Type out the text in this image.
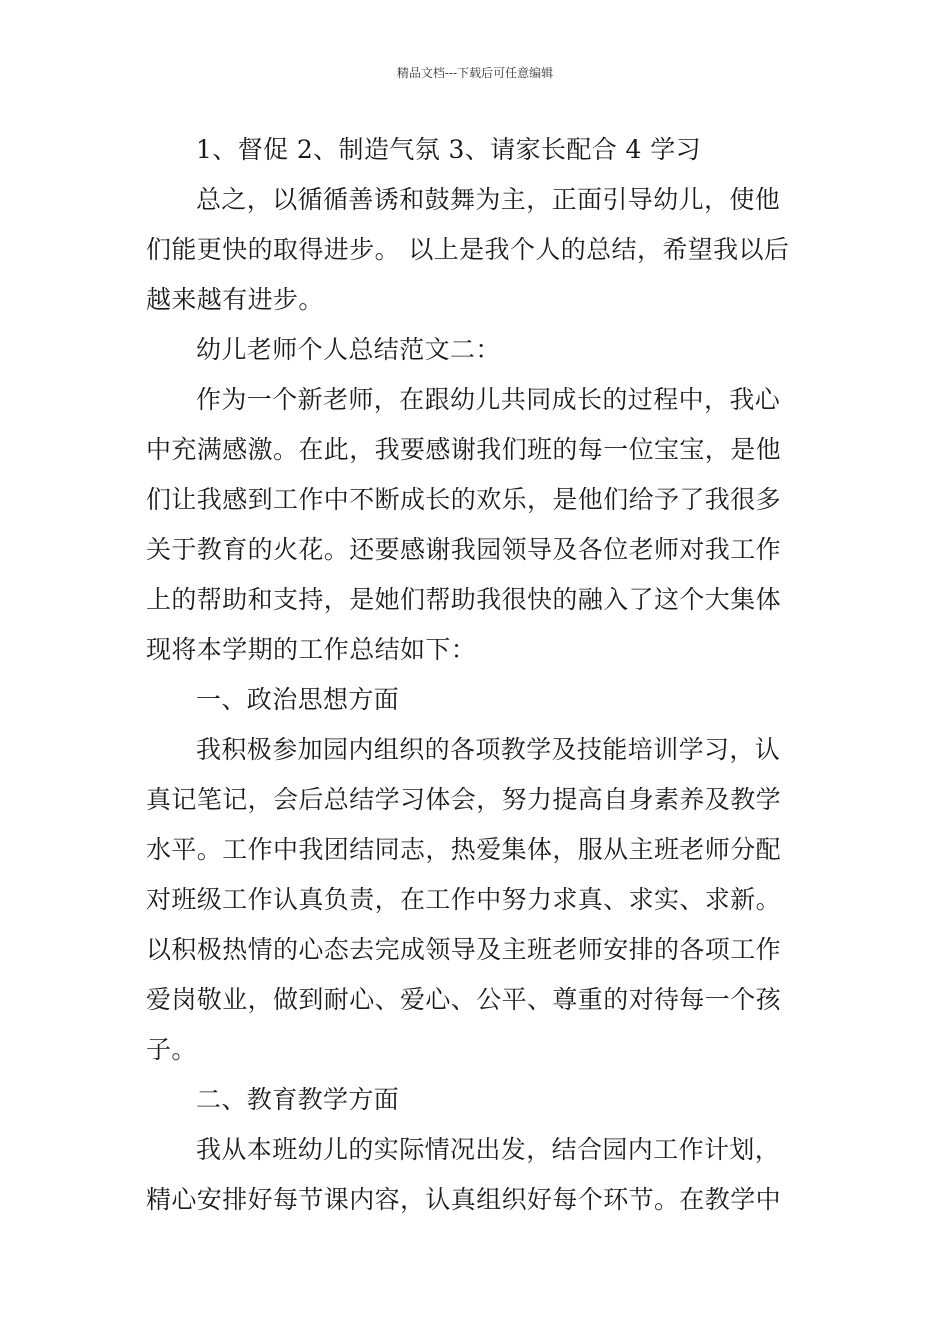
精品文档---下载后可任意编辑
1、督促 2、制造气氛 3、请家长配合 4 学习
总之，以循循善诱和鼓舞为主，正面引导幼儿，使他
们能更快的取得进步。 以上是我个人的总结，希望我以后
越来越有进步。
幼儿老师个人总结范文二：
作为一个新老师，在跟幼儿共同成长的过程中，我心
中充满感激。在此，我要感谢我们班的每一位宝宝，是他
们让我感到工作中不断成长的欢乐，是他们给予了我很多
关于教育的火花。还要感谢我园领导及各位老师对我工作
上的帮助和支持，是她们帮助我很快的融入了这个大集体
现将本学期的工作总结如下：
一、政治思想方面
我积极参加园内组织的各项教学及技能培训学习，认
真记笔记，会后总结学习体会，努力提高自身素养及教学
水平。工作中我团结同志，热爱集体，服从主班老师分配
对班级工作认真负责，在工作中努力求真、求实、求新。
以积极热情的心态去完成领导及主班老师安排的各项工作
爱岗敬业，做到耐心、爱心、公平、尊重的对待每一个孩
子。
二、教育教学方面
我从本班幼儿的实际情况出发，结合园内工作计划，
精心安排好每节课内容，认真组织好每个环节。在教学中
